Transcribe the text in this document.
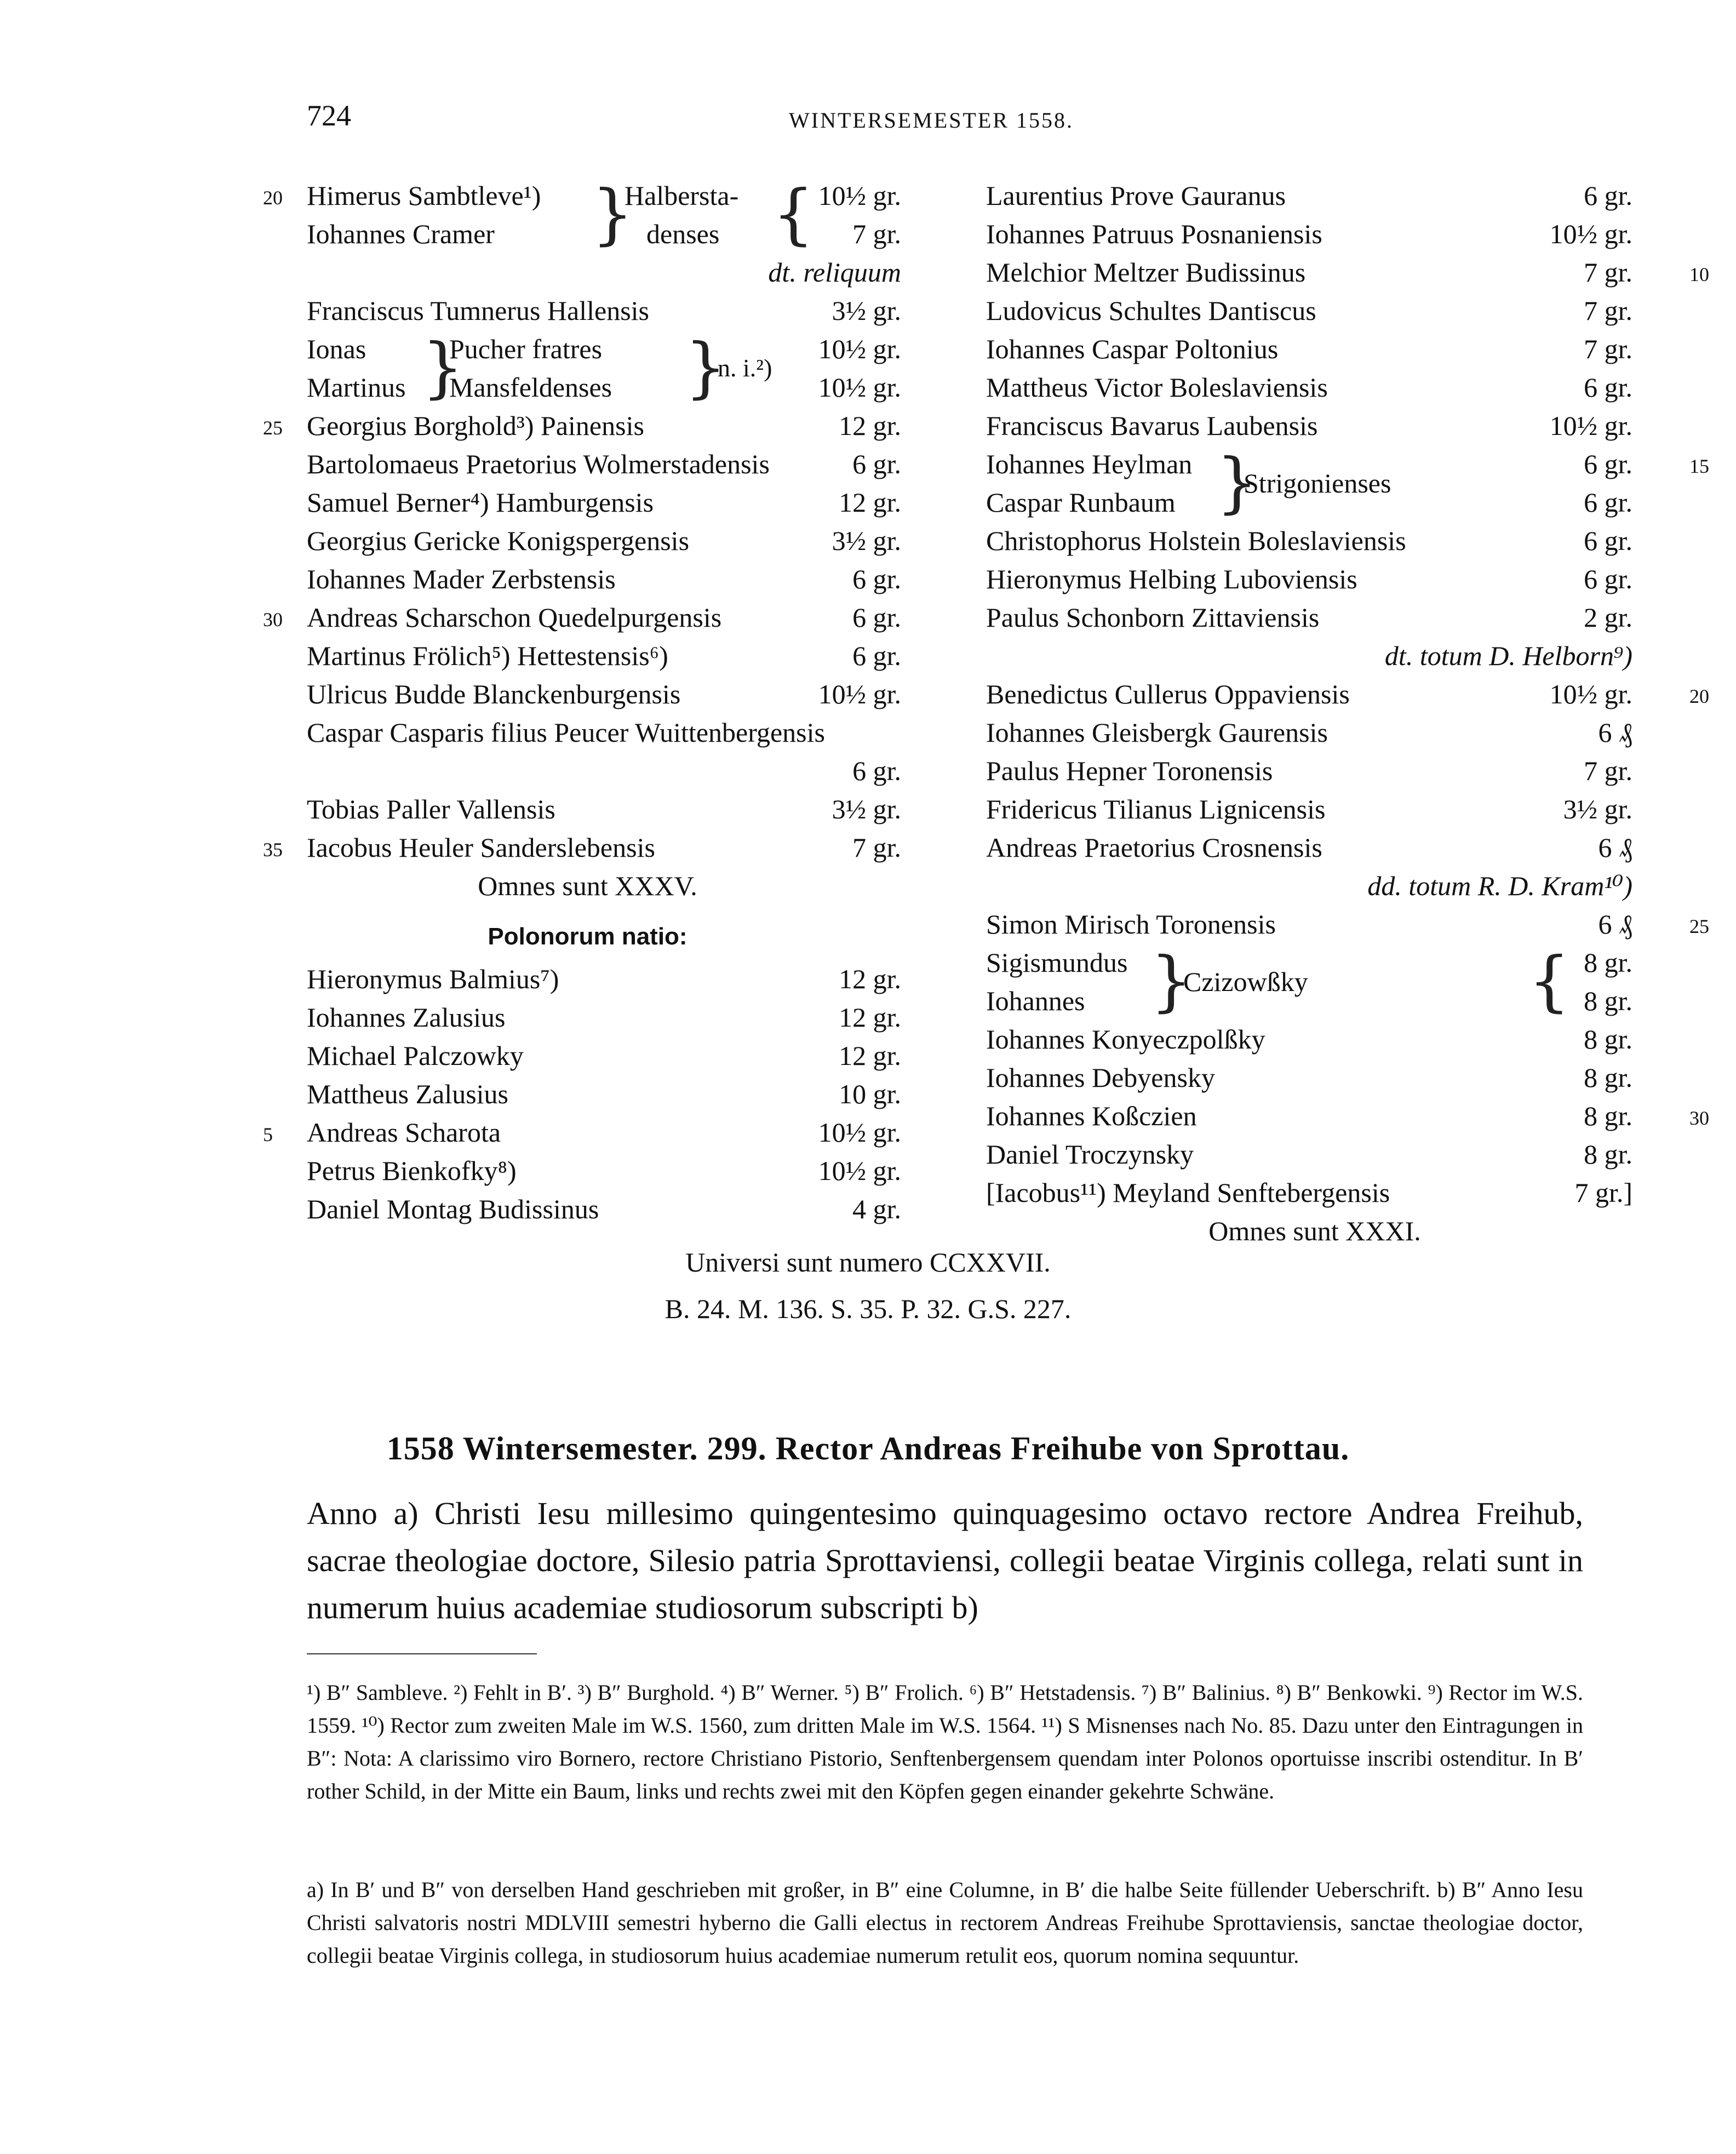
724	WINTERSEMESTER 1558.
20 Himerus Sambtleve¹)	10½ gr.
Iohannes Cramer	7 gr.
}
Halbersta-
denses {
dt. reliquum
Franciscus Tumnerus Hallensis	3½ gr.
Ionas	10½ gr.
Martinus	10½ gr.
}
Pucher fratres
Mansfeldenses }
n. i.²)
25 Georgius Borghold³) Painensis	12 gr.
Bartolomaeus Praetorius Wolmerstadensis	6 gr.
Samuel Berner⁴) Hamburgensis	12 gr.
Georgius Gericke Konigspergensis	3½ gr.
Iohannes Mader Zerbstensis	6 gr.
30 Andreas Scharschon Quedelpurgensis	6 gr.
Martinus Frölich⁵) Hettestensis⁶)	6 gr.
Ulricus Budde Blanckenburgensis	10½ gr.
Caspar Casparis filius Peucer Wuittenbergensis
6 gr.
Tobias Paller Vallensis	3½ gr.
35 Iacobus Heuler Sanderslebensis	7 gr.
Omnes sunt XXXV.
Polonorum natio:
Hieronymus Balmius⁷)	12 gr.
Iohannes Zalusius	12 gr.
Michael Palczowky	12 gr.
Mattheus Zalusius	10 gr.
5 Andreas Scharota	10½ gr.
Petrus Bienkofky⁸)	10½ gr.
Daniel Montag Budissinus	4 gr.
Laurentius Prove Gauranus	6 gr.
Iohannes Patruus Posnaniensis	10½ gr.
10
Melchior Meltzer Budissinus	7 gr.
Ludovicus Schultes Dantiscus	7 gr.
Iohannes Caspar Poltonius	7 gr.
Mattheus Victor Boleslaviensis	6 gr.
Franciscus Bavarus Laubensis	10½ gr.
15
Iohannes Heylman	6 gr.
Caspar Runbaum	6 gr.
}
Strigonienses
Christophorus Holstein Boleslaviensis	6 gr.
Hieronymus Helbing Luboviensis	6 gr.
Paulus Schonborn Zittaviensis	2 gr.
dt. totum D. Helborn⁹)
20
Benedictus Cullerus Oppaviensis	10½ gr.
Iohannes Gleisbergk Gaurensis	6 ₰
Paulus Hepner Toronensis	7 gr.
Fridericus Tilianus Lignicensis	3½ gr.
Andreas Praetorius Crosnensis	6 ₰
dd. totum R. D. Kram¹⁰)
25
Simon Mirisch Toronensis	6 ₰
Sigismundus	8 gr.
Iohannes	8 gr.
}
Czizowßky	{
Iohannes Konyeczpolßky	8 gr.
Iohannes Debyensky	8 gr.
30
Iohannes Koßczien	8 gr.
Daniel Troczynsky	8 gr.
[Iacobus¹¹) Meyland Senftebergensis	7 gr.]
Omnes sunt XXXI.
Universi sunt numero CCXXVII.
B. 24. M. 136. S. 35. P. 32. G.S. 227.
1558 Wintersemester. 299. Rector Andreas Freihube von Sprottau.
Anno a) Christi Iesu millesimo quingentesimo quinquagesimo octavo rectore Andrea Freihub, sacrae theologiae doctore, Silesio patria Sprottaviensi, collegii beatae Virginis collega, relati sunt in numerum huius academiae studiosorum subscripti b)
¹) B″ Sambleve. ²) Fehlt in B′. ³) B″ Burghold. ⁴) B″ Werner. ⁵) B″ Frolich. ⁶) B″ Hetstadensis. ⁷) B″ Balinius. ⁸) B″ Benkowki. ⁹) Rector im W.S. 1559. ¹⁰) Rector zum zweiten Male im W.S. 1560, zum dritten Male im W.S. 1564. ¹¹) S Misnenses nach No. 85. Dazu unter den Eintragungen in B″: Nota: A clarissimo viro Bornero, rectore Christiano Pistorio, Senftenbergensem quendam inter Polonos oportuisse inscribi ostenditur. In B′ rother Schild, in der Mitte ein Baum, links und rechts zwei mit den Köpfen gegen einander gekehrte Schwäne.
a) In B′ und B″ von derselben Hand geschrieben mit großer, in B″ eine Columne, in B′ die halbe Seite füllender Ueberschrift. b) B″ Anno Iesu Christi salvatoris nostri MDLVIII semestri hyberno die Galli electus in rectorem Andreas Freihube Sprottaviensis, sanctae theologiae doctor, collegii beatae Virginis collega, in studiosorum huius academiae numerum retulit eos, quorum nomina sequuntur.
